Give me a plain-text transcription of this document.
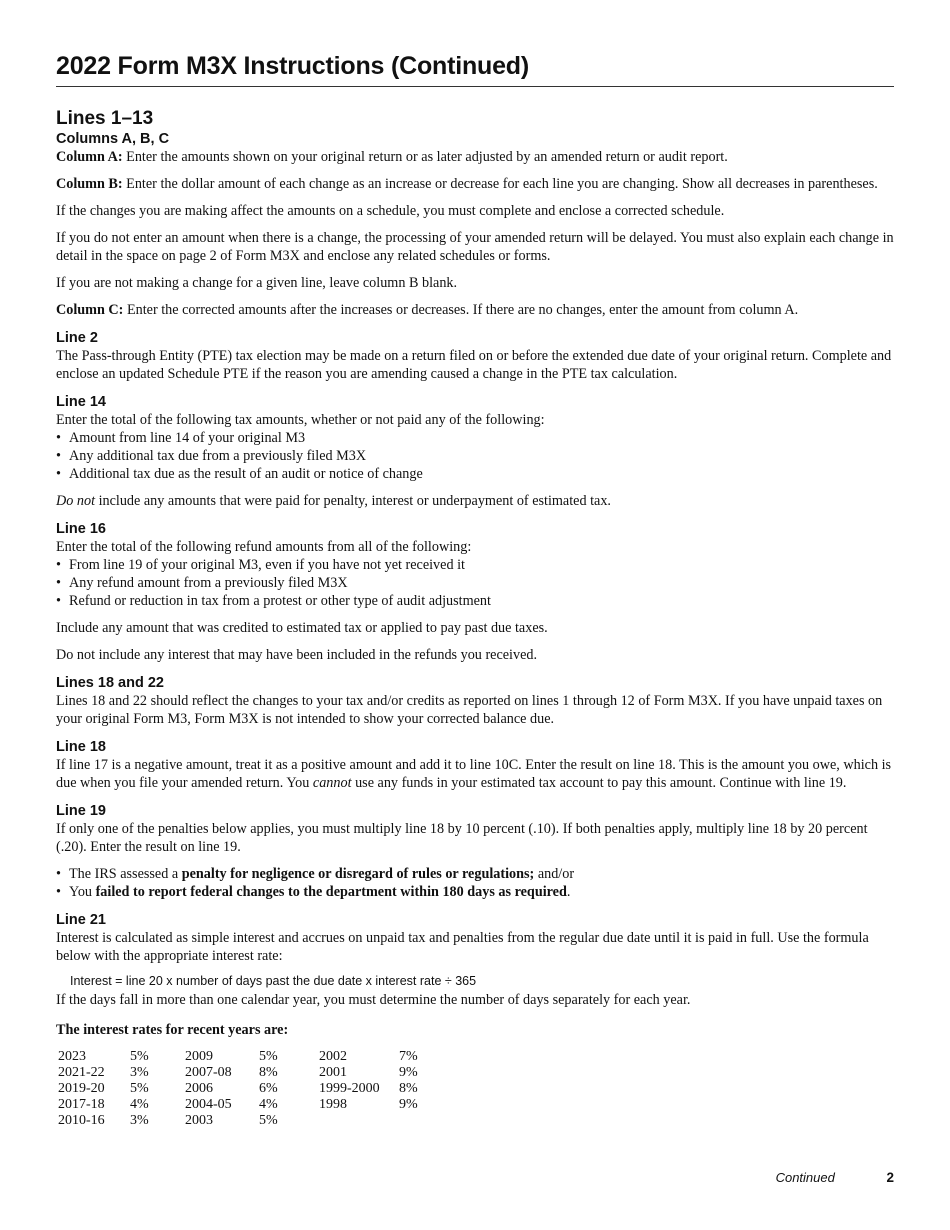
2022 Form M3X Instructions (Continued)
Lines 1–13
Columns A, B, C

Column A: Enter the amounts shown on your original return or as later adjusted by an amended return or audit report.

Column B: Enter the dollar amount of each change as an increase or decrease for each line you are changing. Show all decreases in parentheses.

If the changes you are making affect the amounts on a schedule, you must complete and enclose a corrected schedule.

If you do not enter an amount when there is a change, the processing of your amended return will be delayed. You must also explain each change in detail in the space on page 2 of Form M3X and enclose any related schedules or forms.

If you are not making a change for a given line, leave column B blank.

Column C: Enter the corrected amounts after the increases or decreases. If there are no changes, enter the amount from column A.

Line 2

The Pass-through Entity (PTE) tax election may be made on a return filed on or before the extended due date of your original return. Complete and enclose an updated Schedule PTE if the reason you are amending caused a change in the PTE tax calculation.

Line 14

Enter the total of the following tax amounts, whether or not paid any of the following:

• Amount from line 14 of your original M3
• Any additional tax due from a previously filed M3X
• Additional tax due as the result of an audit or notice of change

Do not include any amounts that were paid for penalty, interest or underpayment of estimated tax.

Line 16

Enter the total of the following refund amounts from all of the following:

• From line 19 of your original M3, even if you have not yet received it
• Any refund amount from a previously filed M3X
• Refund or reduction in tax from a protest or other type of audit adjustment

Include any amount that was credited to estimated tax or applied to pay past due taxes.

Do not include any interest that may have been included in the refunds you received.

Lines 18 and 22

Lines 18 and 22 should reflect the changes to your tax and/or credits as reported on lines 1 through 12 of Form M3X. If you have unpaid taxes on your original Form M3, Form M3X is not intended to show your corrected balance due.

Line 18

If line 17 is a negative amount, treat it as a positive amount and add it to line 10C. Enter the result on line 18. This is the amount you owe, which is due when you file your amended return. You cannot use any funds in your estimated tax account to pay this amount. Continue with line 19.

Line 19

If only one of the penalties below applies, you must multiply line 18 by 10 percent (.10). If both penalties apply, multiply line 18 by 20 percent (.20). Enter the result on line 19.

• The IRS assessed a penalty for negligence or disregard of rules or regulations; and/or
• You failed to report federal changes to the department within 180 days as required.
Line 21

Interest is calculated as simple interest and accrues on unpaid tax and penalties from the regular due date until it is paid in full. Use the formula below with the appropriate interest rate:

Interest = line 20 x number of days past the due date x interest rate ÷ 365

If the days fall in more than one calendar year, you must determine the number of days separately for each year.

The interest rates for recent years are:

2023	5%	2009	5%	2002	7%
2021-22	3%	2007-08	8%	2001	9%
2019-20	5%	2006	6%	1999-2000	8%
2017-18	4%	2004-05	4%	1998	9%
2010-16	3%	2003	5%		
Continued	2
